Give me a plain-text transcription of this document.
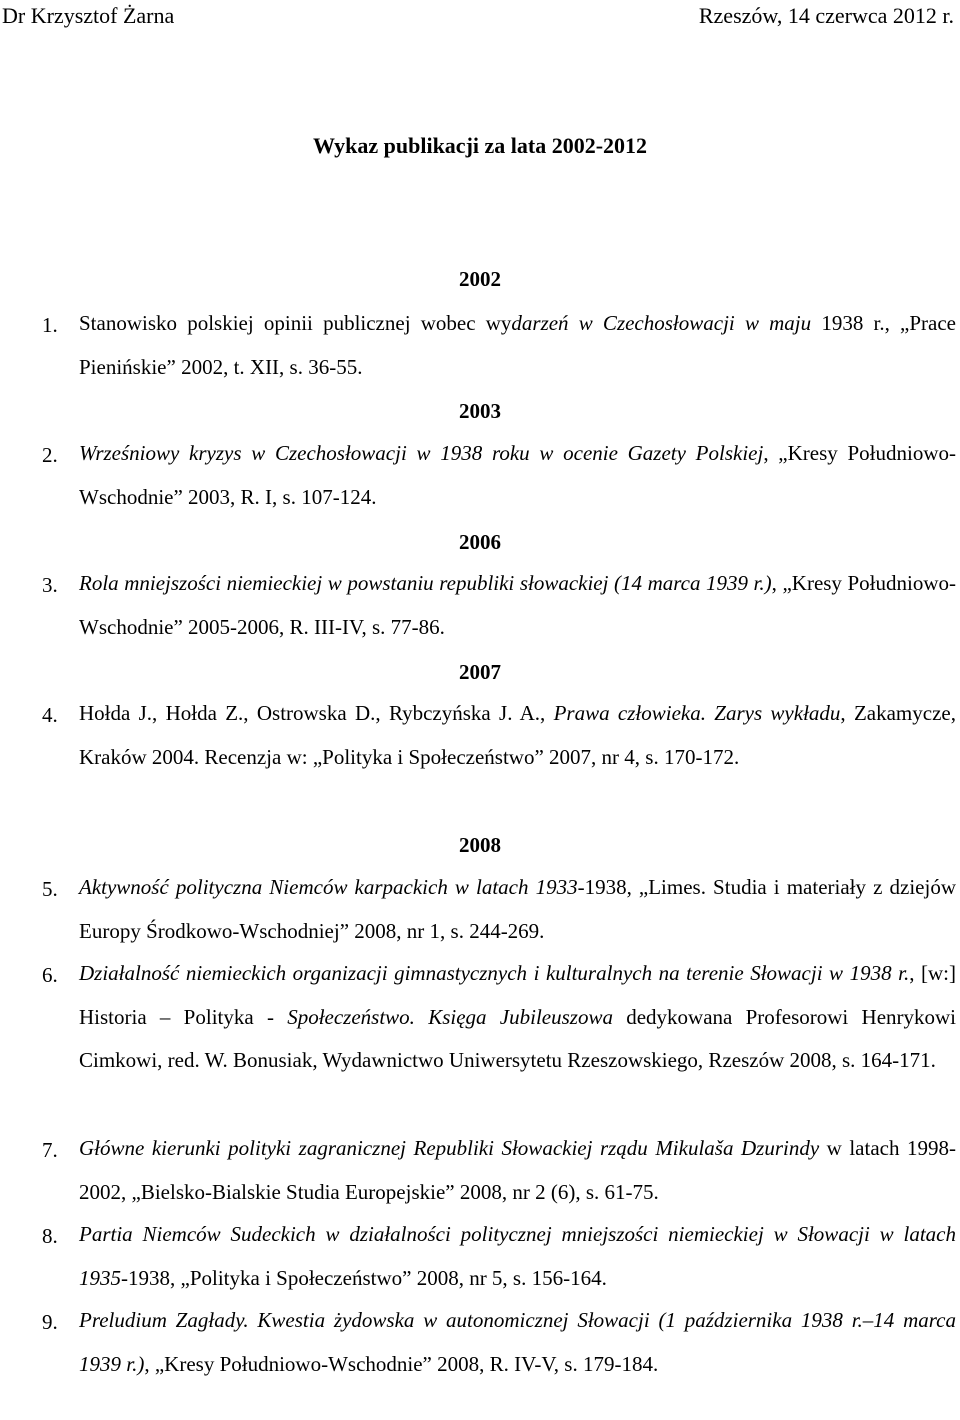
Dr Krzysztof Żarna	Rzeszów, 14 czerwca 2012 r.
Wykaz publikacji za lata 2002-2012
2002
1.	Stanowisko polskiej opinii publicznej wobec wydarzeń w Czechosłowacji w maju 1938 r., „Prace Pienińskie” 2002, t. XII, s. 36-55.
2003
2.	Wrześniowy kryzys w Czechosłowacji w 1938 roku w ocenie Gazety Polskiej, „Kresy Południowo-Wschodnie” 2003, R. I, s. 107-124.
2006
3.	Rola mniejszości niemieckiej w powstaniu republiki słowackiej (14 marca 1939 r.), „Kresy Południowo-Wschodnie” 2005-2006, R. III-IV, s. 77-86.
2007
4.	Hołda J., Hołda Z., Ostrowska D., Rybczyńska J. A., Prawa człowieka. Zarys wykładu, Zakamycze, Kraków 2004. Recenzja w: „Polityka i Społeczeństwo” 2007, nr 4, s. 170-172.
2008
5.	Aktywność polityczna Niemców karpackich w latach 1933-1938, „Limes. Studia i materiały z dziejów Europy Środkowo-Wschodniej” 2008, nr 1, s. 244-269.
6.	Działalność niemieckich organizacji gimnastycznych i kulturalnych na terenie Słowacji w 1938 r., [w:] Historia – Polityka - Społeczeństwo. Księga Jubileuszowa dedykowana Profesorowi Henrykowi Cimkowi, red. W. Bonusiak, Wydawnictwo Uniwersytetu Rzeszowskiego, Rzeszów 2008, s. 164-171.
7.	Główne kierunki polityki zagranicznej Republiki Słowackiej rządu Mikulaša Dzurindy w latach 1998-2002, „Bielsko-Bialskie Studia Europejskie” 2008, nr 2 (6), s. 61-75.
8.	Partia Niemców Sudeckich w działalności politycznej mniejszości niemieckiej w Słowacji w latach 1935-1938, „Polityka i Społeczeństwo” 2008, nr 5, s. 156-164.
9.	Preludium Zagłady. Kwestia żydowska w autonomicznej Słowacji (1 października 1938 r.–14 marca 1939 r.), „Kresy Południowo-Wschodnie” 2008, R. IV-V, s. 179-184.
